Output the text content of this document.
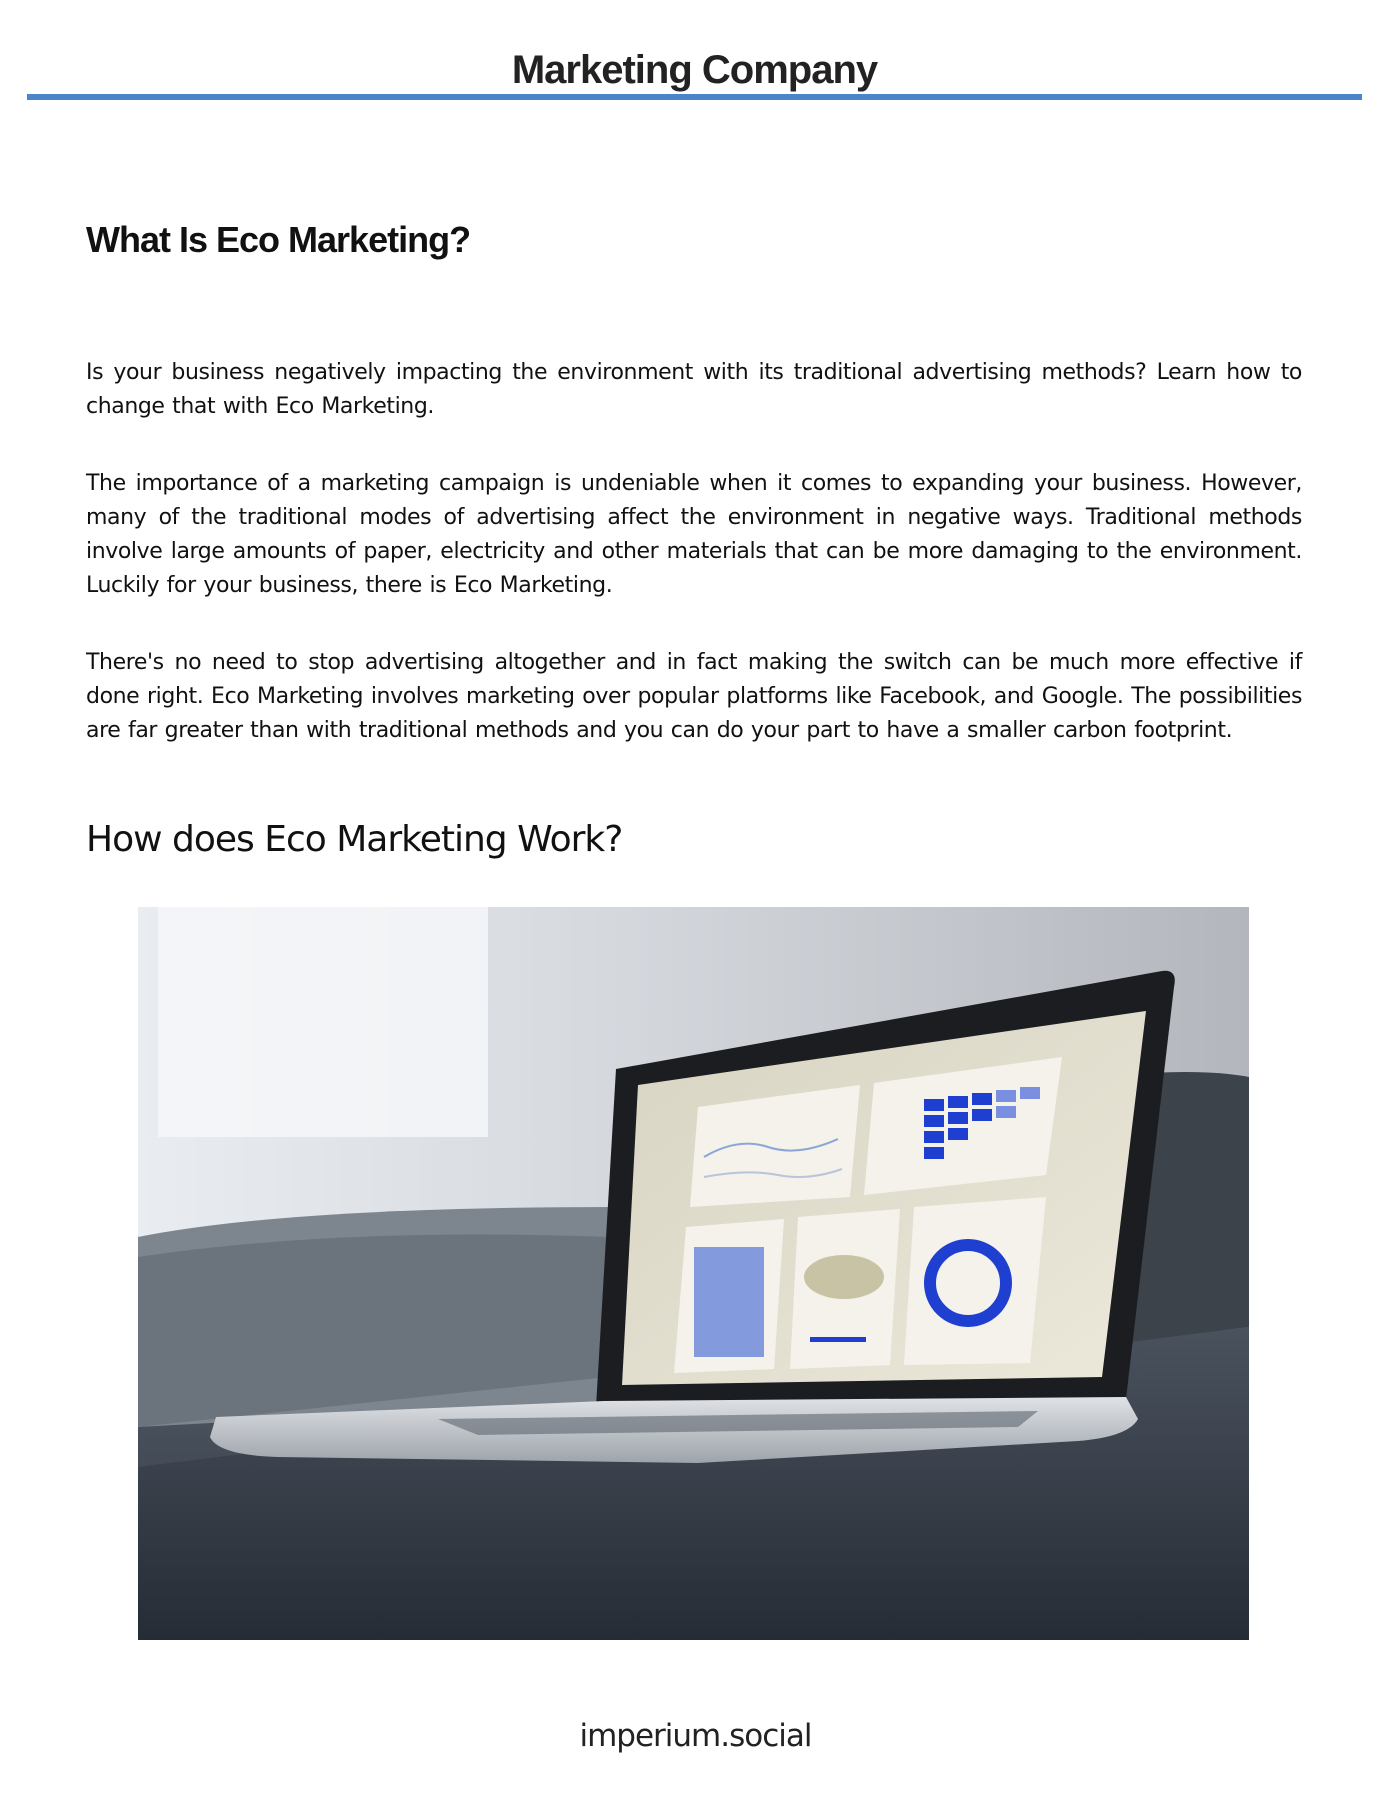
Marketing Company
What Is Eco Marketing?

Is your business negatively impacting the environment with its traditional advertising methods? Learn how to change that with Eco Marketing.

The importance of a marketing campaign is undeniable when it comes to expanding your business. However, many of the traditional modes of advertising affect the environment in negative ways. Traditional methods involve large amounts of paper, electricity and other materials that can be more damaging to the environment. Luckily for your business, there is Eco Marketing.

There's no need to stop advertising altogether and in fact making the switch can be much more effective if done right. Eco Marketing involves marketing over popular platforms like Facebook, and Google. The possibilities are far greater than with traditional methods and you can do your part to have a smaller carbon footprint.

How does Eco Marketing Work?

imperium.social
